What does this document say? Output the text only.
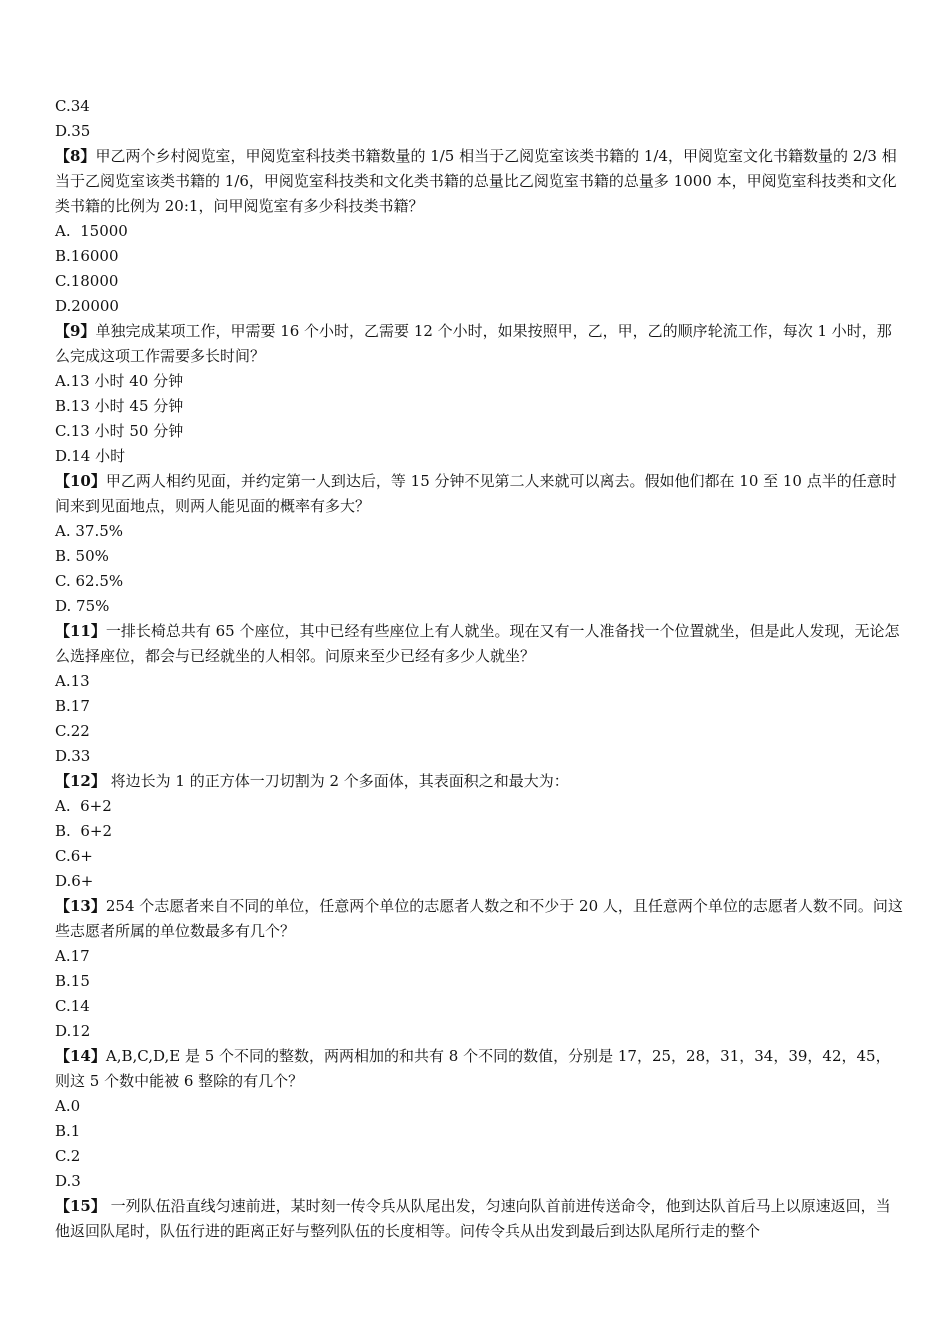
C.34
D.35
【8】甲乙两个乡村阅览室，甲阅览室科技类书籍数量的 1/5 相当于乙阅览室该类书籍的 1/4，甲阅览室文化书籍数量的 2/3 相当于乙阅览室该类书籍的 1/6，甲阅览室科技类和文化类书籍的总量比乙阅览室书籍的总量多 1000 本，甲阅览室科技类和文化类书籍的比例为 20:1，问甲阅览室有多少科技类书籍？
A.  15000
B.16000
C.18000
D.20000
【9】单独完成某项工作，甲需要 16 个小时，乙需要 12 个小时，如果按照甲，乙，甲，乙的顺序轮流工作，每次 1 小时，那么完成这项工作需要多长时间？
A.13 小时 40 分钟
B.13 小时 45 分钟
C.13 小时 50 分钟
D.14 小时
【10】甲乙两人相约见面，并约定第一人到达后，等 15 分钟不见第二人来就可以离去。假如他们都在 10 至 10 点半的任意时间来到见面地点，则两人能见面的概率有多大？
A. 37.5%
B. 50%
C. 62.5%
D. 75%
【11】一排长椅总共有 65 个座位，其中已经有些座位上有人就坐。现在又有一人准备找一个位置就坐，但是此人发现，无论怎么选择座位，都会与已经就坐的人相邻。问原来至少已经有多少人就坐？
A.13
B.17
C.22
D.33
【12】 将边长为 1 的正方体一刀切割为 2 个多面体，其表面积之和最大为：
A.  6+2
B.  6+2
C.6+
D.6+
【13】254 个志愿者来自不同的单位，任意两个单位的志愿者人数之和不少于 20 人，且任意两个单位的志愿者人数不同。问这些志愿者所属的单位数最多有几个？
A.17
B.15
C.14
D.12
【14】A,B,C,D,E 是 5 个不同的整数，两两相加的和共有 8 个不同的数值，分别是 17，25，28，31，34，39，42，45，则这 5 个数中能被 6 整除的有几个？
A.0
B.1
C.2
D.3
【15】 一列队伍沿直线匀速前进，某时刻一传令兵从队尾出发，匀速向队首前进传送命令，他到达队首后马上以原速返回，当他返回队尾时，队伍行进的距离正好与整列队伍的长度相等。问传令兵从出发到最后到达队尾所行走的整个
